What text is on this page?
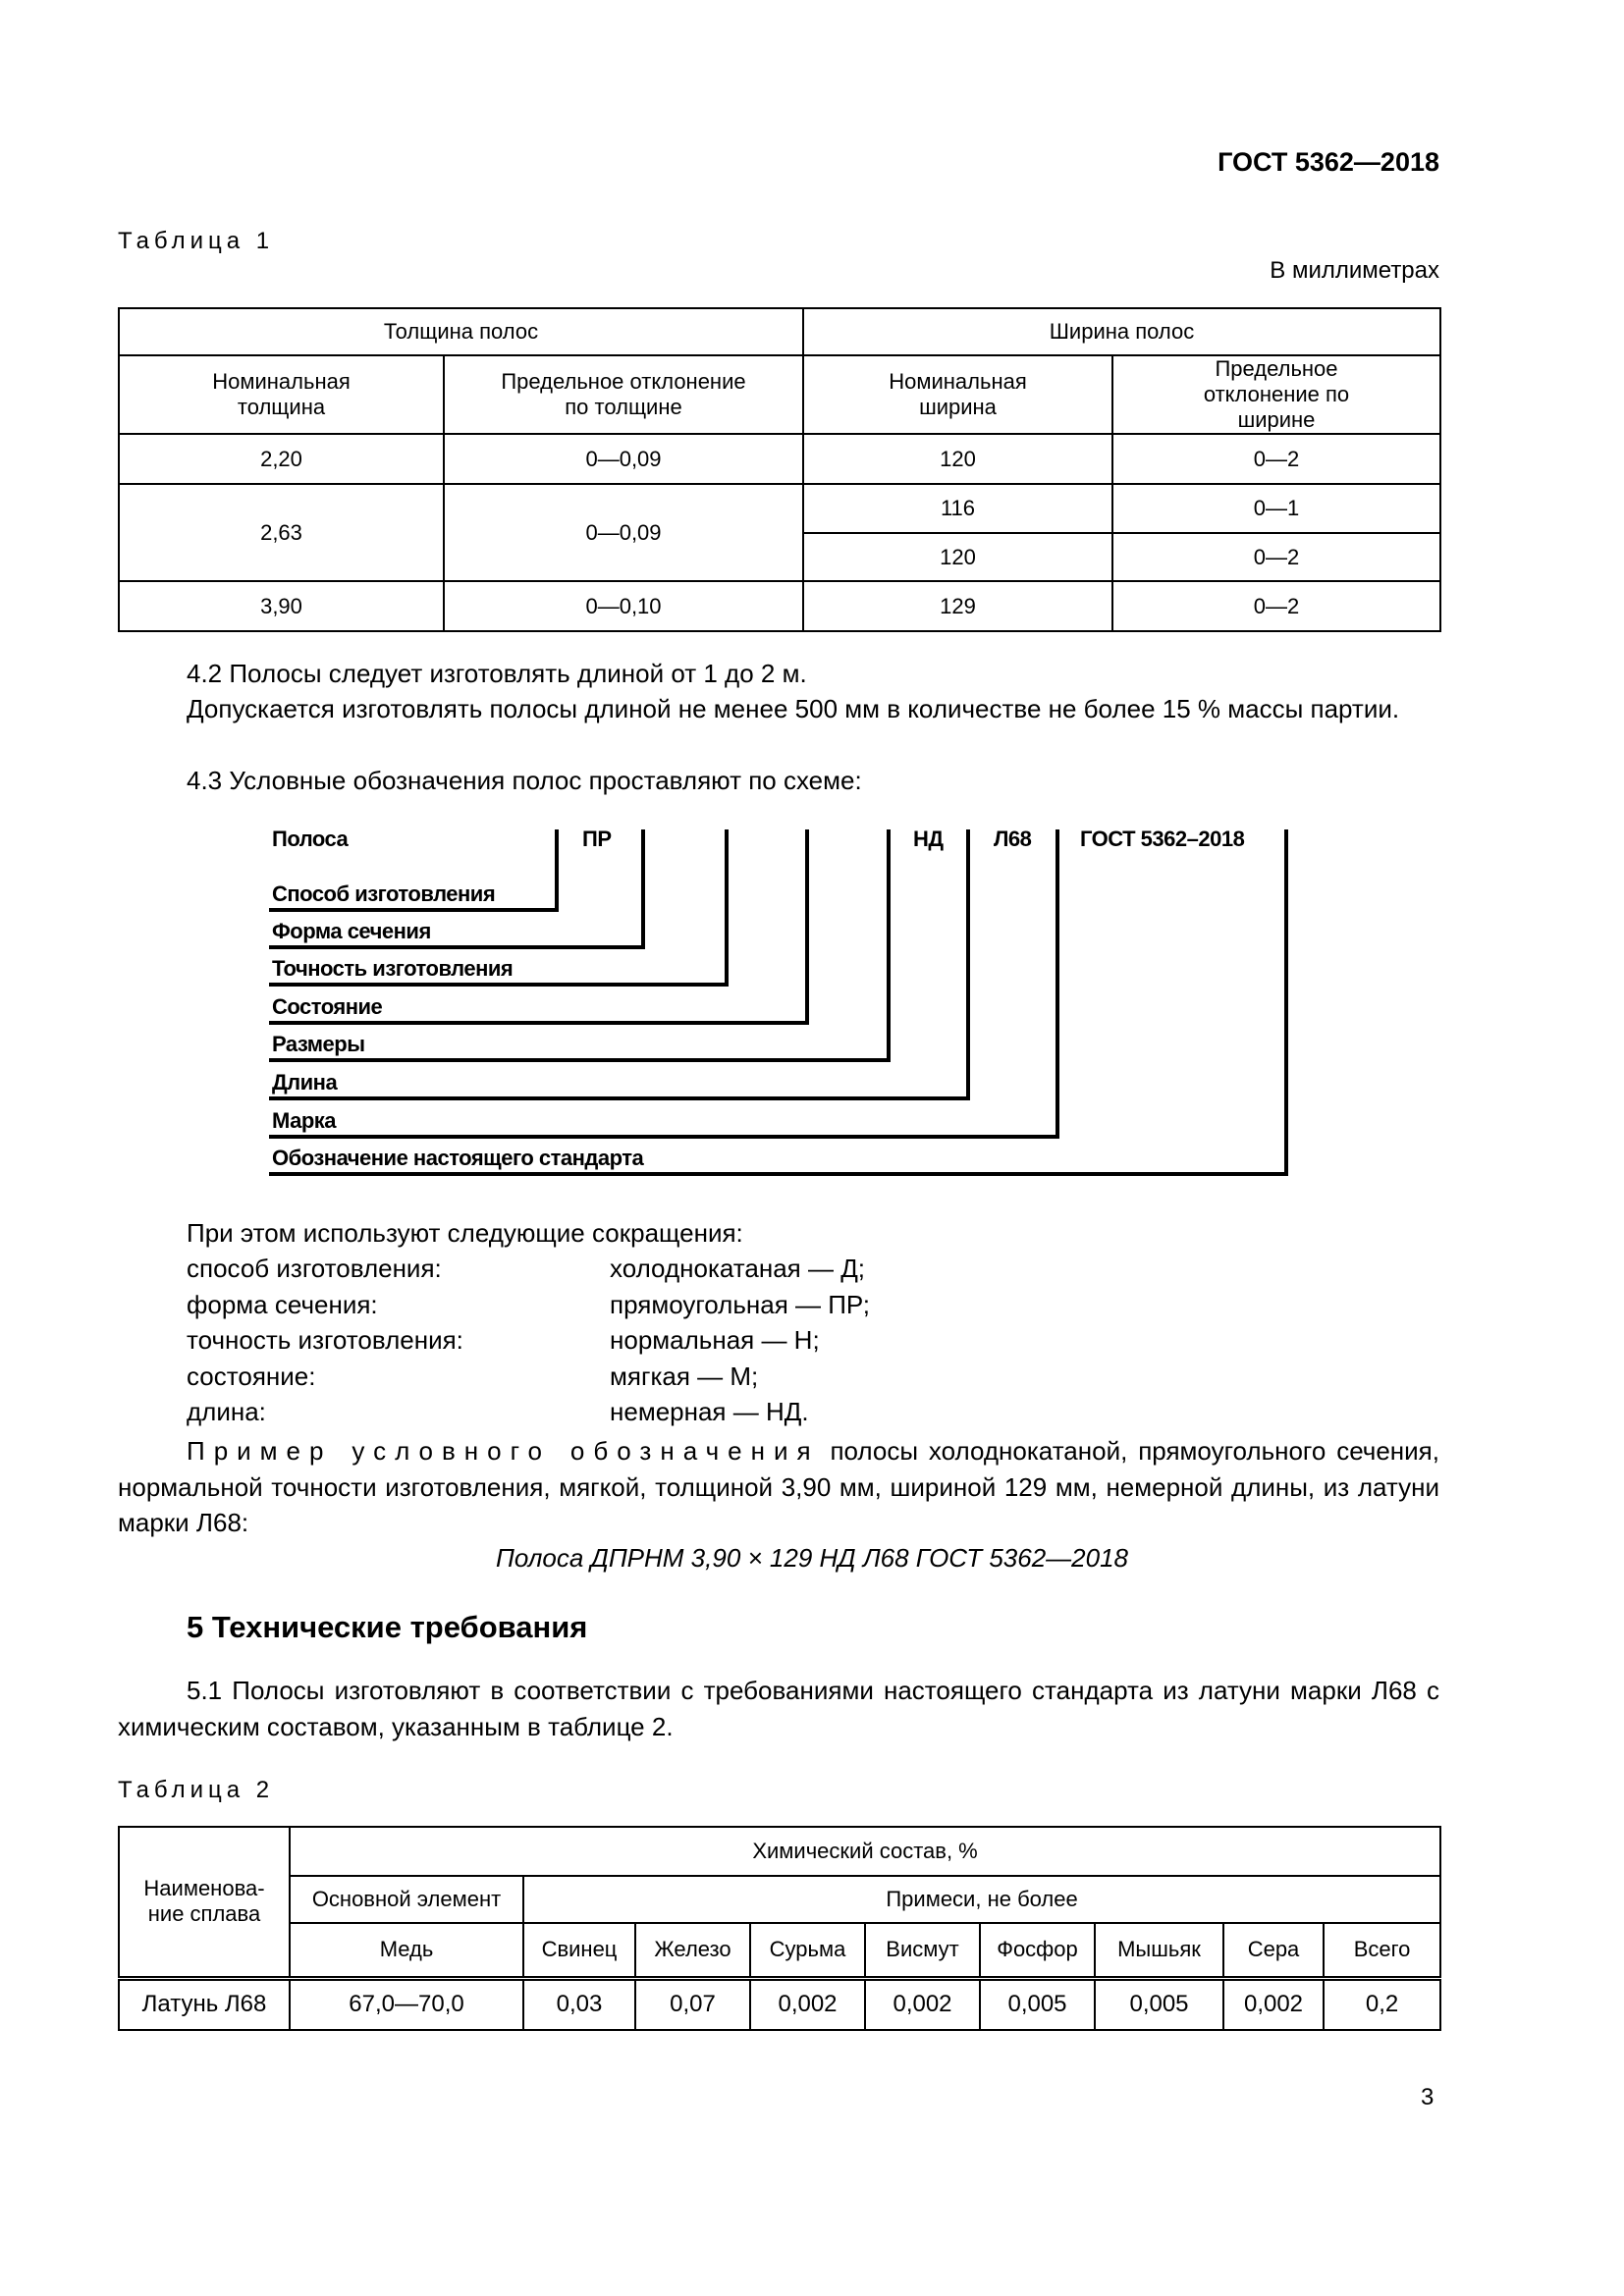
ГОСТ 5362—2018
Таблица 1
В миллиметрах
Толщина полос		Ширина полос	
Номинальная толщина	Предельное отклонение по толщине	Номинальная ширина	Предельное отклонение по ширине
2,20	0—0,09	120	0—2
2,63	0—0,09	116	0—1
		120	0—2
3,90	0—0,10	129	0—2
4.2 Полосы следует изготовлять длиной от 1 до 2 м.
Допускается изготовлять полосы длиной не менее 500 мм в количестве не более 15 % массы партии.
4.3 Условные обозначения полос проставляют по схеме:
Полоса	ПР	НД Л68 ГОСТ 5362–2018
Способ изготовления
Форма сечения
Точность изготовления
Состояние
Размеры
Длина
Марка
Обозначение настоящего стандарта
При этом используют следующие сокращения:
способ изготовления:	холоднокатаная — Д;
форма сечения:	прямоугольная — ПР;
точность изготовления:	нормальная — Н;
состояние:	мягкая — М;
длина:	немерная — НД.
Пример условного обозначения полосы холоднокатаной, прямоугольного сечения, нормальной точности изготовления, мягкой, толщиной 3,90 мм, шириной 129 мм, немерной длины, из латуни марки Л68:
Полоса ДПРНМ 3,90 × 129 НД Л68 ГОСТ 5362—2018
5 Технические требования
5.1 Полосы изготовляют в соответствии с требованиями настоящего стандарта из латуни марки Л68 с химическим составом, указанным в таблице 2.
Таблица 2
Наименова-ние сплава	Химический состав, %								
	Основной элемент	Примеси, не более							
	Медь	Свинец	Железо	Сурьма	Висмут	Фосфор	Мышьяк	Сера	Всего
Латунь Л68	67,0—70,0	0,03	0,07	0,002	0,002	0,005	0,005	0,002	0,2
3
